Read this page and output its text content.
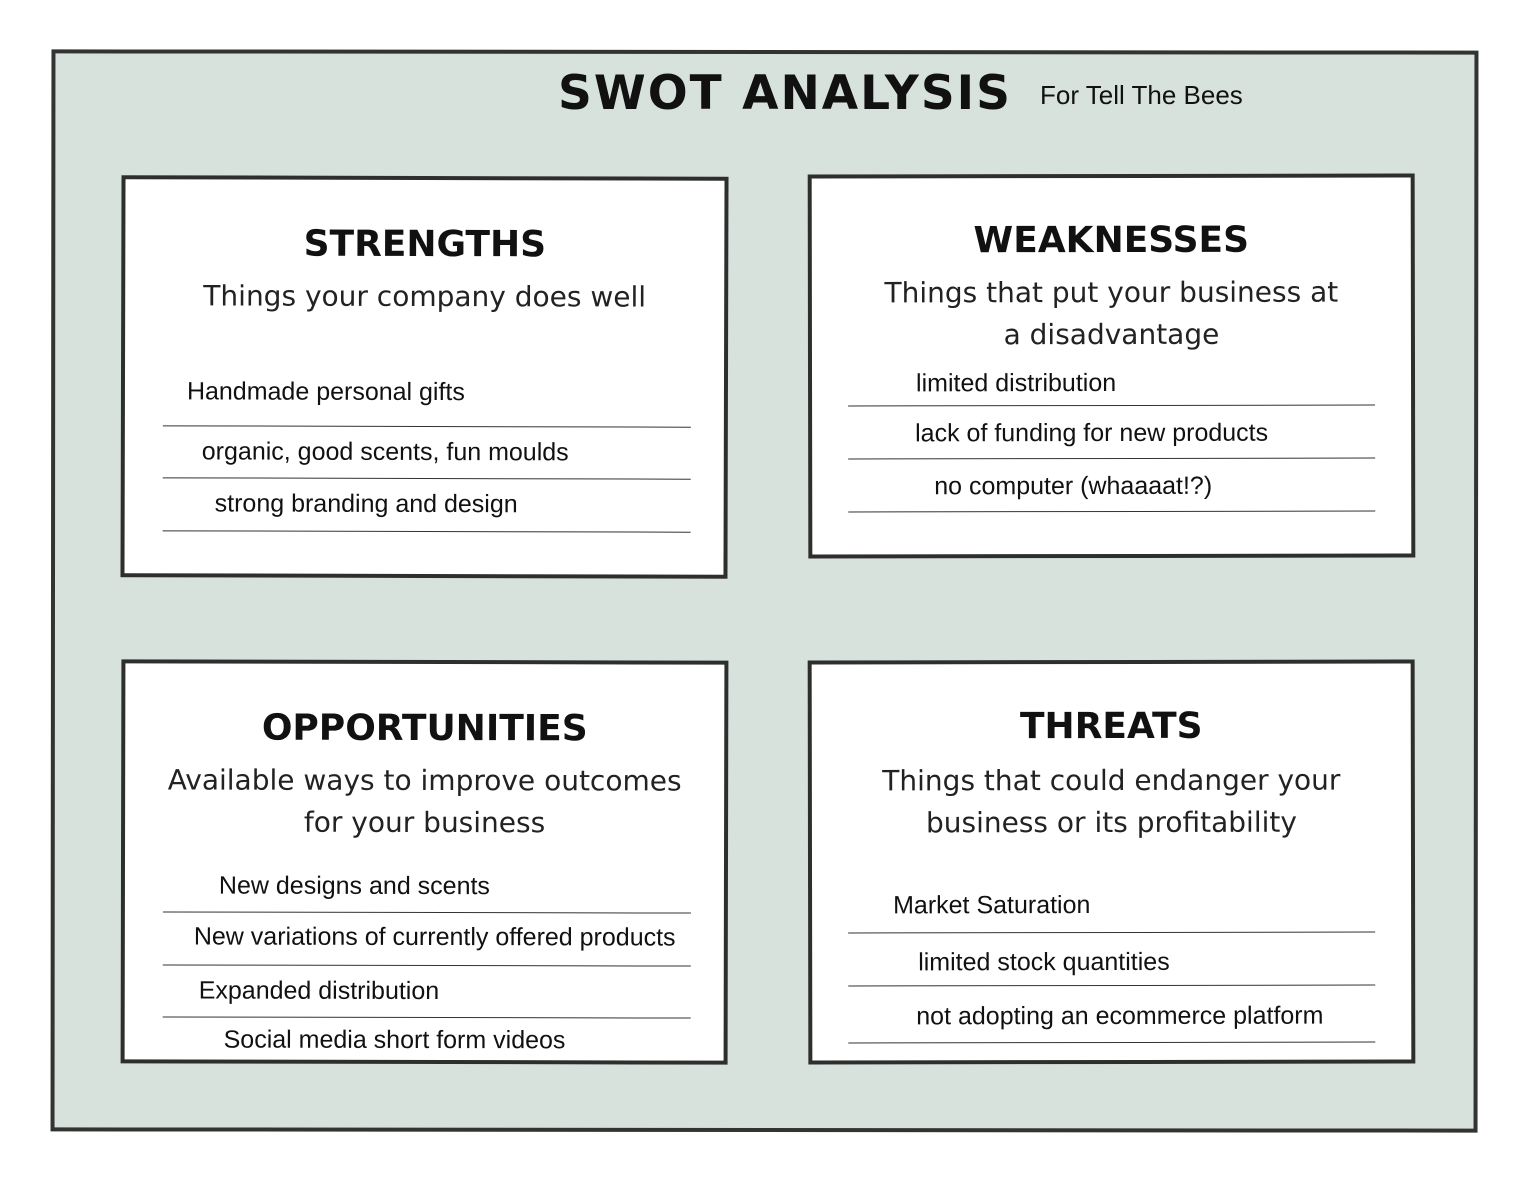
SWOT ANALYSIS For Tell The Bees
STRENGTHS
Things your company does well
Handmade personal gifts
organic, good scents, fun moulds
strong branding and design
WEAKNESSES
Things that put your business at a disadvantage
limited distribution
lack of funding for new products
no computer (whaaaat!?)
OPPORTUNITIES
Available ways to improve outcomes for your business
New designs and scents
New variations of currently offered products
Expanded distribution
Social media short form videos
THREATS
Things that could endanger your business or its profitability
Market Saturation
limited stock quantities
not adopting an ecommerce platform
